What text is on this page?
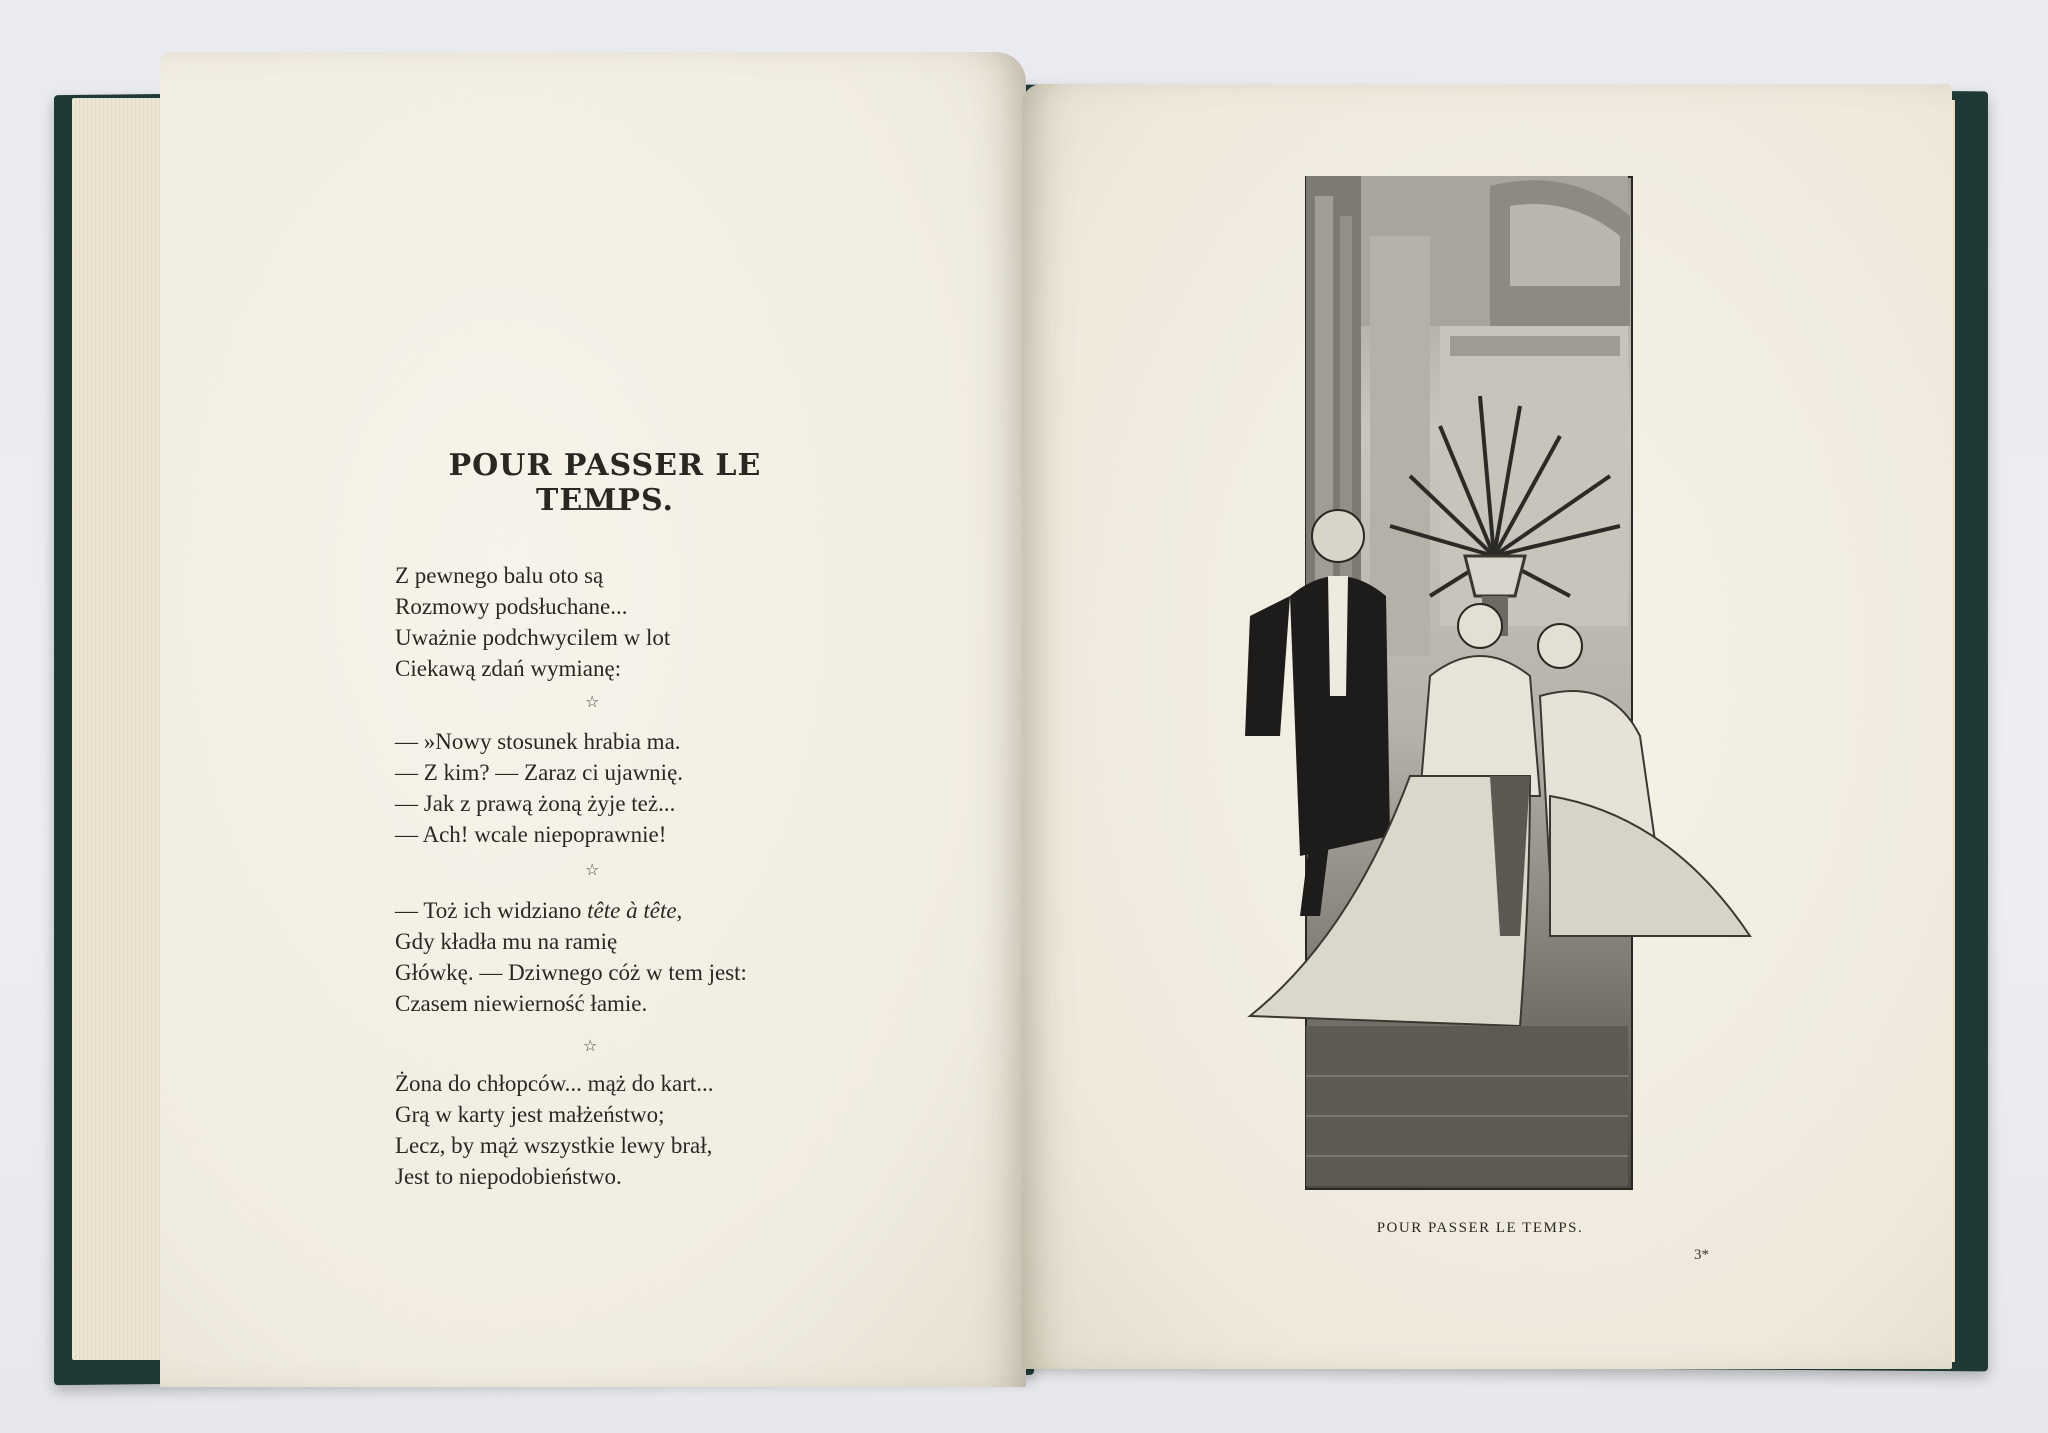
POUR PASSER LE TEMPS.
Z pewnego balu oto są
Rozmowy podsłuchane...
Uważnie podchwycilem w lot
Ciekawą zdań wymianę:
☆
— »Nowy stosunek hrabia ma.
— Z kim? — Zaraz ci ujawnię.
— Jak z prawą żoną żyje też...
— Ach! wcale niepoprawnie!
☆
— Toż ich widziano tête à tête,
Gdy kładła mu na ramię
Główkę. — Dziwnego cóż w tem jest:
Czasem niewierność łamie.
☆
Żona do chłopców... mąż do kart...
Grą w karty jest małżeństwo;
Lecz, by mąż wszystkie lewy brał,
Jest to niepodobieństwo.
POUR PASSER LE TEMPS.
3*
